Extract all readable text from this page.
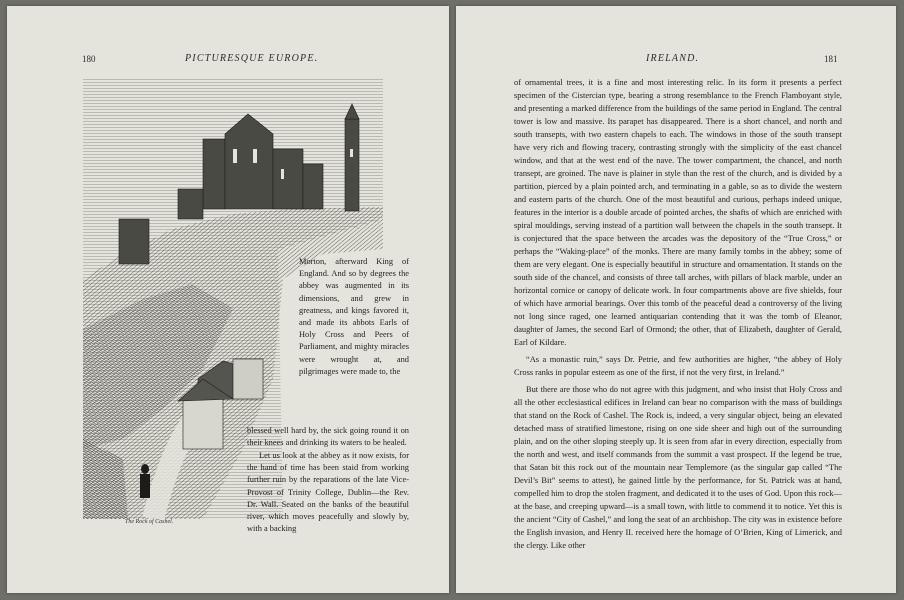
180	PICTURESQUE EUROPE.
The Rock of Cashel.

Morton, afterward King of England. And so by degrees the abbey was augmented in its dimensions, and grew in greatness, and kings favored it, and made its abbots Earls of Holy Cross and Peers of Parliament, and mighty miracles were wrought at, and pilgrimages were made to, the

blessed well hard by, the sick going round it on their knees and drinking its waters to be healed.

Let us look at the abbey as it now exists, for the hand of time has been staid from working further ruin by the reparations of the late Vice-Provost of Trinity College, Dublin—the Rev. Dr. Wall. Seated on the banks of the beautiful river, which moves peacefully and slowly by, with a backing

IRELAND.	181

of ornamental trees, it is a fine and most interesting relic. In its form it presents a perfect specimen of the Cistercian type, bearing a strong resemblance to the French Flamboyant style, and presenting a marked difference from the buildings of the same period in England. The central tower is low and massive. Its parapet has disappeared. There is a short chancel, and north and south transepts, with two eastern chapels to each. The windows in those of the south transept have very rich and flowing tracery, contrasting strongly with the simplicity of the east chancel window, and that at the west end of the nave. The tower compartment, the chancel, and north transept, are groined. The nave is plainer in style than the rest of the church, and is divided by a partition, pierced by a plain pointed arch, and terminating in a gable, so as to divide the western and eastern parts of the church. One of the most beautiful and curious, perhaps indeed unique, features in the interior is a double arcade of pointed arches, the shafts of which are enriched with spiral mouldings, serving instead of a partition wall between the chapels in the south transept. It is conjectured that the space between the arcades was the depository of the “True Cross,” or perhaps the “Waking-place” of the monks. There are many family tombs in the abbey; some of them are very elegant. One is especially beautiful in structure and ornamentation. It stands on the south side of the chancel, and consists of three tall arches, with pillars of black marble, under an horizontal cornice or canopy of delicate work. In four compartments above are five shields, four of which have armorial bearings. Over this tomb of the peaceful dead a controversy of the living not long since raged, one learned antiquarian contending that it was the tomb of Eleanor, daughter of James, the second Earl of Ormond; the other, that of Elizabeth, daughter of Gerald, Earl of Kildare.

“As a monastic ruin,” says Dr. Petrie, and few authorities are higher, “the abbey of Holy Cross ranks in popular esteem as one of the first, if not the very first, in Ireland.”

But there are those who do not agree with this judgment, and who insist that Holy Cross and all the other ecclesiastical edifices in Ireland can bear no comparison with the mass of buildings that stand on the Rock of Cashel. The Rock is, indeed, a very singular object, being an elevated detached mass of stratified limestone, rising on one side sheer and high out of the surrounding plain, and on the other sloping steeply up. It is seen from afar in every direction, especially from the north and west, and itself commands from the summit a vast prospect. If the legend be true, that Satan bit this rock out of the mountain near Templemore (as the singular gap called “The Devil’s Bit” seems to attest), he gained little by the performance, for St. Patrick was at hand, compelled him to drop the stolen fragment, and dedicated it to the uses of God. Upon this rock—at the base, and creeping upward—is a small town, with little to commend it to notice. Yet this is the ancient “City of Cashel,” and long the seat of an archbishop. The city was in existence before the English invasion, and Henry II. received here the homage of O’Brien, King of Limerick, and the clergy. Like other
